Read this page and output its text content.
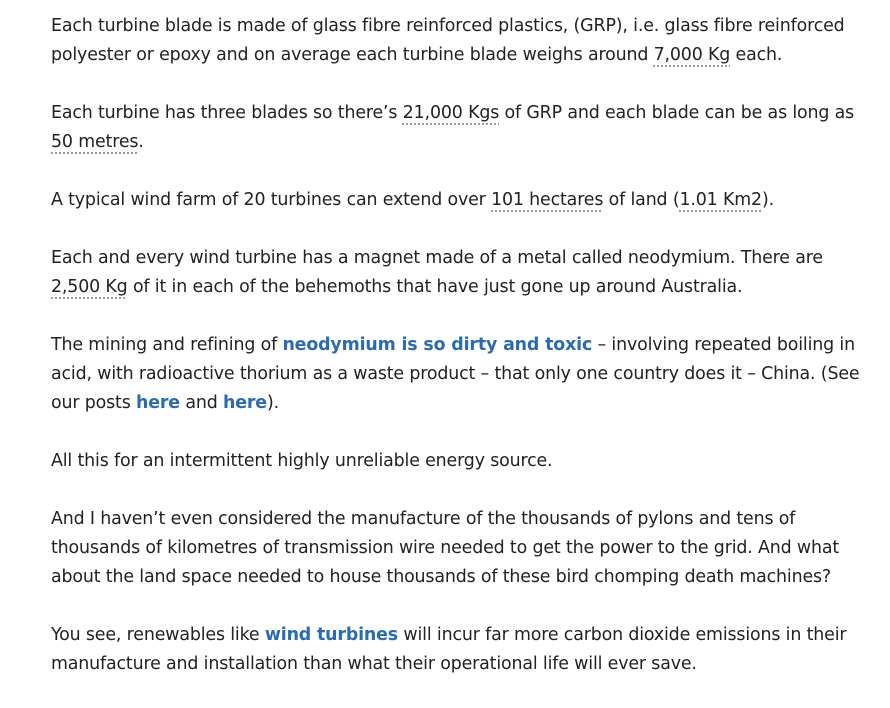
Each turbine blade is made of glass fibre reinforced plastics, (GRP), i.e. glass fibre reinforced polyester or epoxy and on average each turbine blade weighs around 7,000 Kg each.

Each turbine has three blades so there’s 21,000 Kgs of GRP and each blade can be as long as 50 metres.

A typical wind farm of 20 turbines can extend over 101 hectares of land (1.01 Km2).

Each and every wind turbine has a magnet made of a metal called neodymium. There are 2,500 Kg of it in each of the behemoths that have just gone up around Australia.

The mining and refining of neodymium is so dirty and toxic – involving repeated boiling in acid, with radioactive thorium as a waste product – that only one country does it – China. (See our posts here and here).

All this for an intermittent highly unreliable energy source.

And I haven’t even considered the manufacture of the thousands of pylons and tens of thousands of kilometres of transmission wire needed to get the power to the grid. And what about the land space needed to house thousands of these bird chomping death machines?

You see, renewables like wind turbines will incur far more carbon dioxide emissions in their manufacture and installation than what their operational life will ever save.
